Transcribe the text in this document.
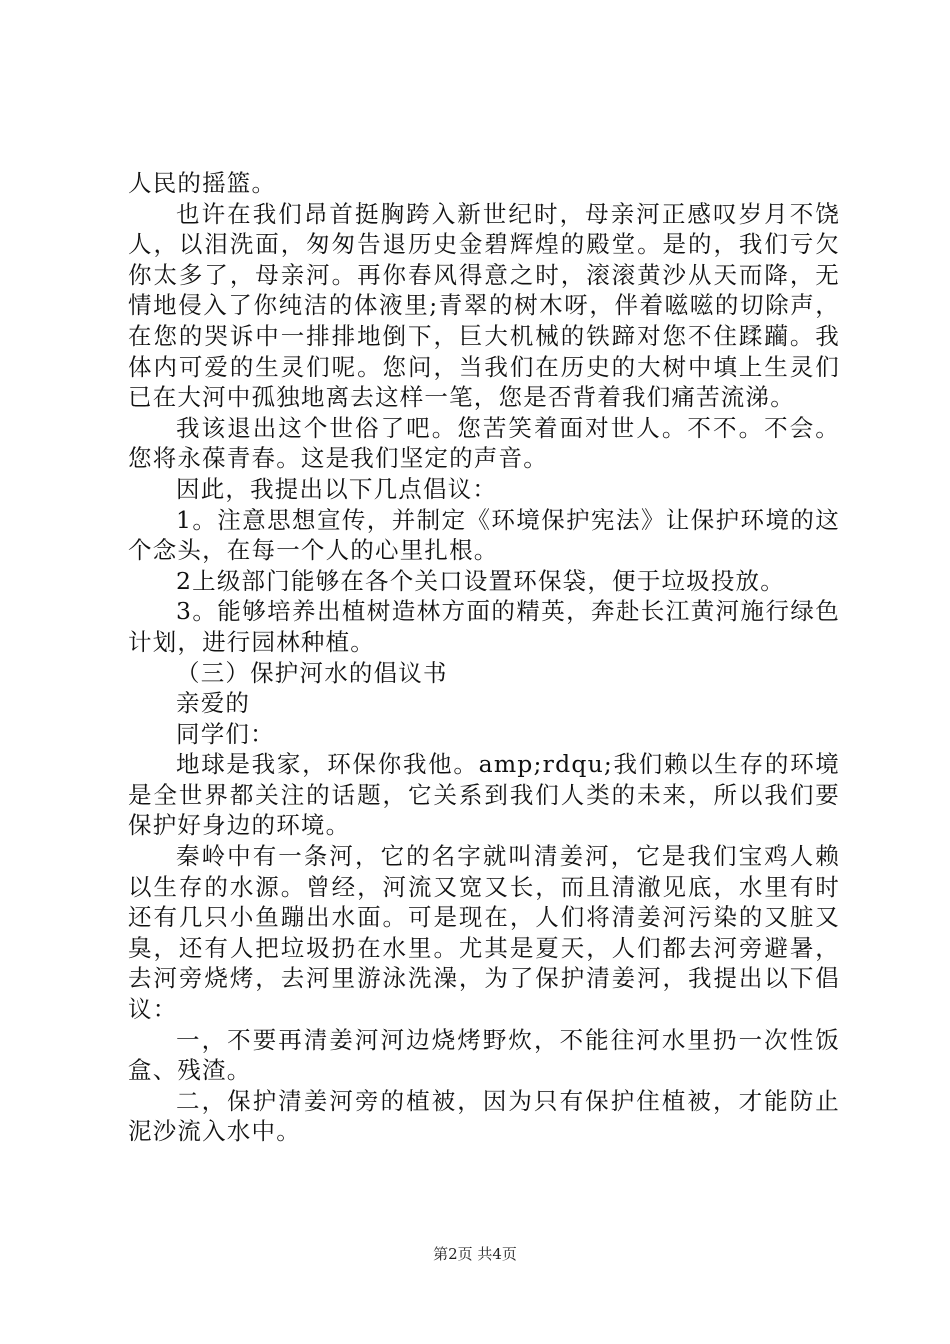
人民的摇篮。

也许在我们昂首挺胸跨入新世纪时，母亲河正感叹岁月不饶人，以泪洗面，匆匆告退历史金碧辉煌的殿堂。是的，我们亏欠你太多了，母亲河。再你春风得意之时，滚滚黄沙从天而降，无情地侵入了你纯洁的体液里;青翠的树木呀，伴着嗞嗞的切除声，在您的哭诉中一排排地倒下，巨大机械的铁蹄对您不住蹂躏。我体内可爱的生灵们呢。您问，当我们在历史的大树中填上生灵们已在大河中孤独地离去这样一笔，您是否背着我们痛苦流涕。

我该退出这个世俗了吧。您苦笑着面对世人。不不。不会。您将永葆青春。这是我们坚定的声音。

因此，我提出以下几点倡议：

1。注意思想宣传，并制定《环境保护宪法》让保护环境的这个念头，在每一个人的心里扎根。

2上级部门能够在各个关口设置环保袋，便于垃圾投放。

3。能够培养出植树造林方面的精英，奔赴长江黄河施行绿色计划，进行园林种植。

（三）保护河水的倡议书

亲爱的

同学们：

地球是我家，环保你我他。amp;rdqu;我们赖以生存的环境是全世界都关注的话题，它关系到我们人类的未来，所以我们要保护好身边的环境。

秦岭中有一条河，它的名字就叫清姜河，它是我们宝鸡人赖以生存的水源。曾经，河流又宽又长，而且清澈见底，水里有时还有几只小鱼蹦出水面。可是现在，人们将清姜河污染的又脏又臭，还有人把垃圾扔在水里。尤其是夏天，人们都去河旁避暑，去河旁烧烤，去河里游泳洗澡，为了保护清姜河，我提出以下倡议：

一，不要再清姜河河边烧烤野炊，不能往河水里扔一次性饭盒、残渣。

二，保护清姜河旁的植被，因为只有保护住植被，才能防止泥沙流入水中。

第2页 共4页
